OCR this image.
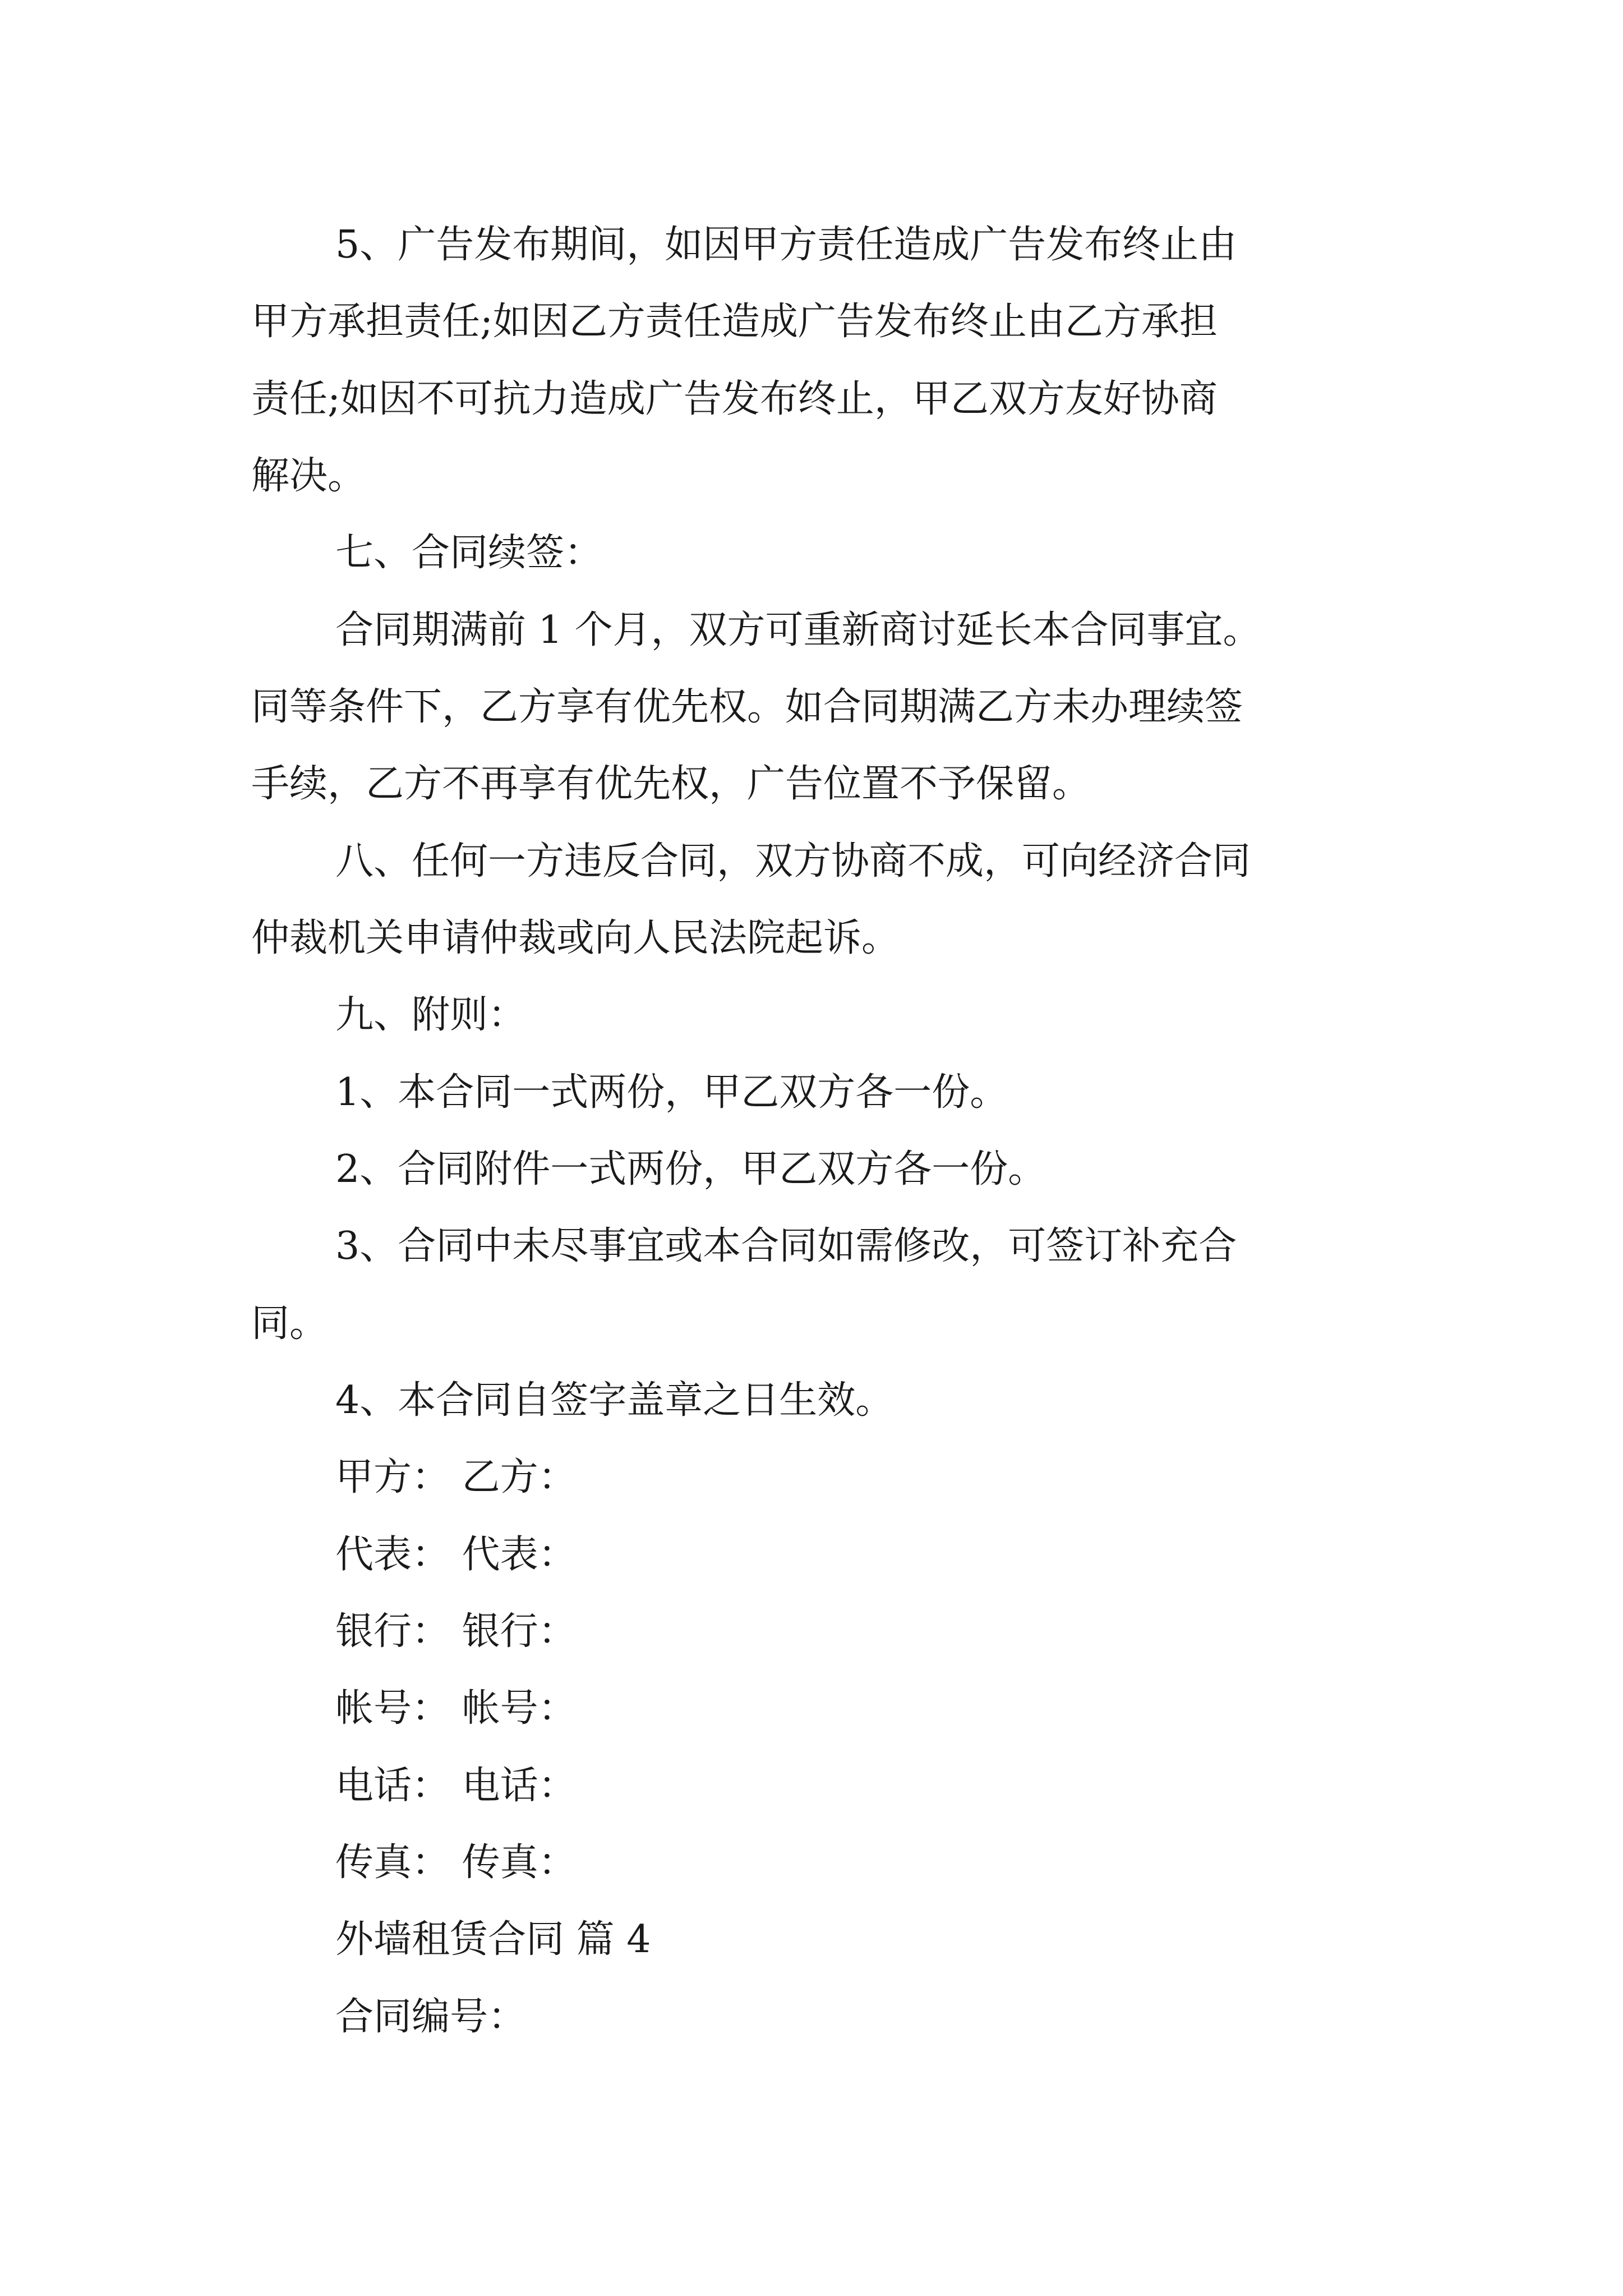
5、广告发布期间，如因甲方责任造成广告发布终止由
甲方承担责任;如因乙方责任造成广告发布终止由乙方承担
责任;如因不可抗力造成广告发布终止，甲乙双方友好协商
解决。
七、合同续签：
合同期满前 1 个月，双方可重新商讨延长本合同事宜。
同等条件下，乙方享有优先权。如合同期满乙方未办理续签
手续，乙方不再享有优先权，广告位置不予保留。
八、任何一方违反合同，双方协商不成，可向经济合同
仲裁机关申请仲裁或向人民法院起诉。
九、附则：
1、本合同一式两份，甲乙双方各一份。
2、合同附件一式两份，甲乙双方各一份。
3、合同中未尽事宜或本合同如需修改，可签订补充合
同。
4、本合同自签字盖章之日生效。
甲方： 乙方：
代表： 代表：
银行： 银行：
帐号： 帐号：
电话： 电话：
传真： 传真：
外墙租赁合同 篇 4
合同编号：
